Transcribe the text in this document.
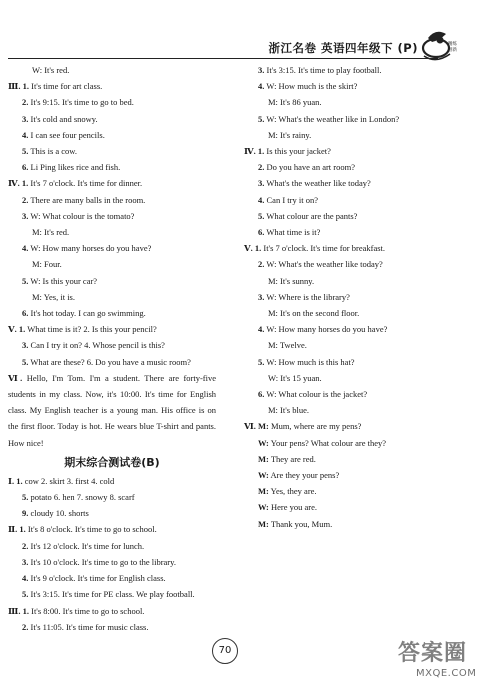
浙江名卷 英语四年级下 (P)	精练
创新
W: It's red.
Ⅲ. 1. It's time for art class.
2. It's 9:15. It's time to go to bed.
3. It's cold and snowy.
4. I can see four pencils.
5. This is a cow.
6. Li Ping likes rice and fish.
Ⅳ. 1. It's 7 o'clock. It's time for dinner.
2. There are many balls in the room.
3. W: What colour is the tomato?
M: It's red.
4. W: How many horses do you have?
M: Four.
5. W: Is this your car?
M: Yes, it is.
6. It's hot today. I can go swimming.
Ⅴ. 1. What time is it? 2. Is this your pencil?
3. Can I try it on? 4. Whose pencil is this?
5. What are these? 6. Do you have a music room?
Ⅵ. Hello, I'm Tom. I'm a student. There are forty-five students in my class. Now, it's 10:00. It's time for English class. My English teacher is a young man. His office is on the first floor. Today is hot. He wears blue T-shirt and pants. How nice!
期末综合测试卷(B)
Ⅰ. 1. cow 2. skirt 3. first 4. cold
5. potato 6. hen 7. snowy 8. scarf
9. cloudy 10. shorts
Ⅱ. 1. It's 8 o'clock. It's time to go to school.
2. It's 12 o'clock. It's time for lunch.
3. It's 10 o'clock. It's time to go to the library.
4. It's 9 o'clock. It's time for English class.
5. It's 3:15. It's time for PE class. We play football.
Ⅲ. 1. It's 8:00. It's time to go to school.
2. It's 11:05. It's time for music class.
3. It's 3:15. It's time to play football.
4. W: How much is the skirt?
M: It's 86 yuan.
5. W: What's the weather like in London?
M: It's rainy.
Ⅳ. 1. Is this your jacket?
2. Do you have an art room?
3. What's the weather like today?
4. Can I try it on?
5. What colour are the pants?
6. What time is it?
Ⅴ. 1. It's 7 o'clock. It's time for breakfast.
2. W: What's the weather like today?
M: It's sunny.
3. W: Where is the library?
M: It's on the second floor.
4. W: How many horses do you have?
M: Twelve.
5. W: How much is this hat?
W: It's 15 yuan.
6. W: What colour is the jacket?
M: It's blue.
Ⅵ. M: Mum, where are my pens?
W: Your pens? What colour are they?
M: They are red.
W: Are they your pens?
M: Yes, they are.
W: Here you are.
M: Thank you, Mum.
70	答案圈
MXQE.COM
